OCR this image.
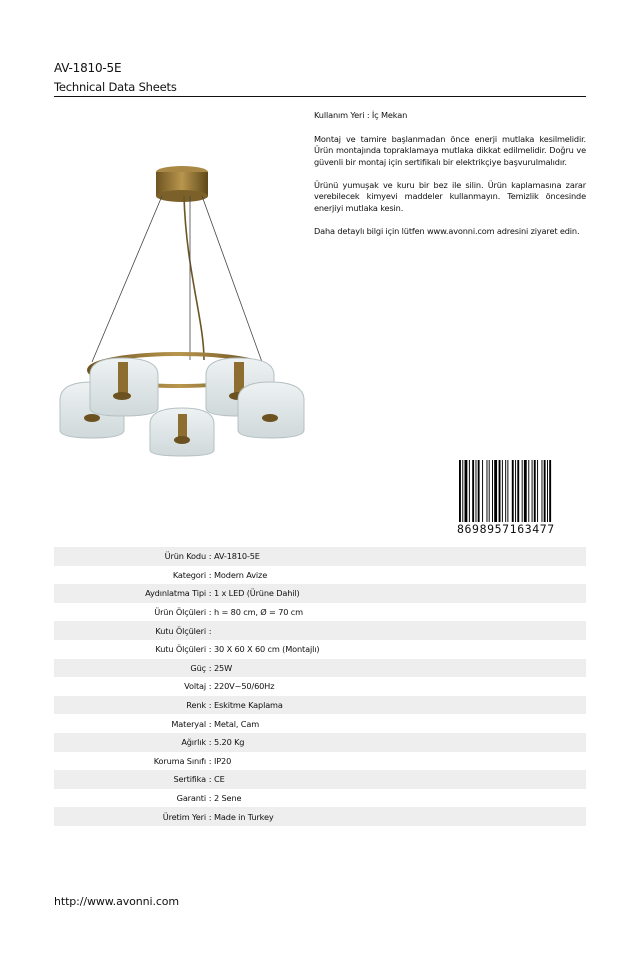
AV-1810-5E
Technical Data Sheets

Kullanım Yeri : İç Mekan

Montaj ve tamire başlanmadan önce enerji mutlaka kesilmelidir. Ürün montajında topraklamaya mutlaka dikkat edilmelidir. Doğru ve güvenli bir montaj için sertifikalı bir elektrikçiye başvurulmalıdır.

Ürünü yumuşak ve kuru bir bez ile silin. Ürün kaplamasına zarar verebilecek kimyevi maddeler kullanmayın. Temizlik öncesinde enerjiyi mutlaka kesin.

Daha detaylı bilgi için lütfen www.avonni.com adresini ziyaret edin.

8698957163477
Ürün Kodu : AV-1810-5E
Kategori : Modern Avize
Aydınlatma Tipi : 1 x LED (Ürüne Dahil)
Ürün Ölçüleri : h = 80 cm, Ø = 70 cm
Kutu Ölçüleri :
Kutu Ölçüleri : 30 X 60 X 60 cm (Montajlı)
Güç : 25W
Voltaj : 220V~50/60Hz
Renk : Eskitme Kaplama
Materyal : Metal, Cam
Ağırlık : 5.20 Kg
Koruma Sınıfı : IP20
Sertifika : CE
Garanti : 2 Sene
Üretim Yeri : Made in Turkey
http://www.avonni.com
